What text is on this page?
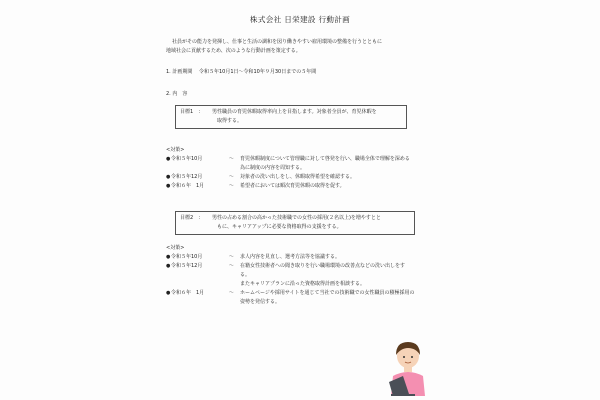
株式会社 日栄建設 行動計画

社員がその能力を発揮し、仕事と生活の調和を図り働きやすい雇用環境の整備を行うとともに

地域社会に貢献するため、次のような行動計画を策定する。

1. 計画期間　 令和５年10月1日～令和10年９月30日までの５年間
2. 内　容
目標1　： 男性職員の育児休暇取得率向上を目指します。対象者全員が、育児休暇を
取得する。
<対策>
● 令和５年10月	～	育児休暇制度について管理職に対して啓発を行い、職場全体で理解を深める
為に制度の内容を周知する。
● 令和５年12月	～	対象者の洗い出しをし、休暇取得希望を確認する。
● 令和６年　1月	～	希望者においては順次育児休暇の取得を促す。
目標2　： 男性の占める割合の高かった技術職での女性の採用(２名以上)を増やすとと
もに、キャリアアップに必要な資格取得の支援をする。
<対策>
● 令和５年10月	～	求人内容を見直し、選考方法等を協議する。
● 令和５年12月	～	在籍女性技術者への聞き取りを行い職場環境の改善点などの洗い出しをす
る。
またキャリアプランに沿った資格取得計画を相談する。
● 令和６年　1月	～	ホームページや採用サイトを通じて当社での技術職での女性職員の積極採用の
姿勢を発信する。
